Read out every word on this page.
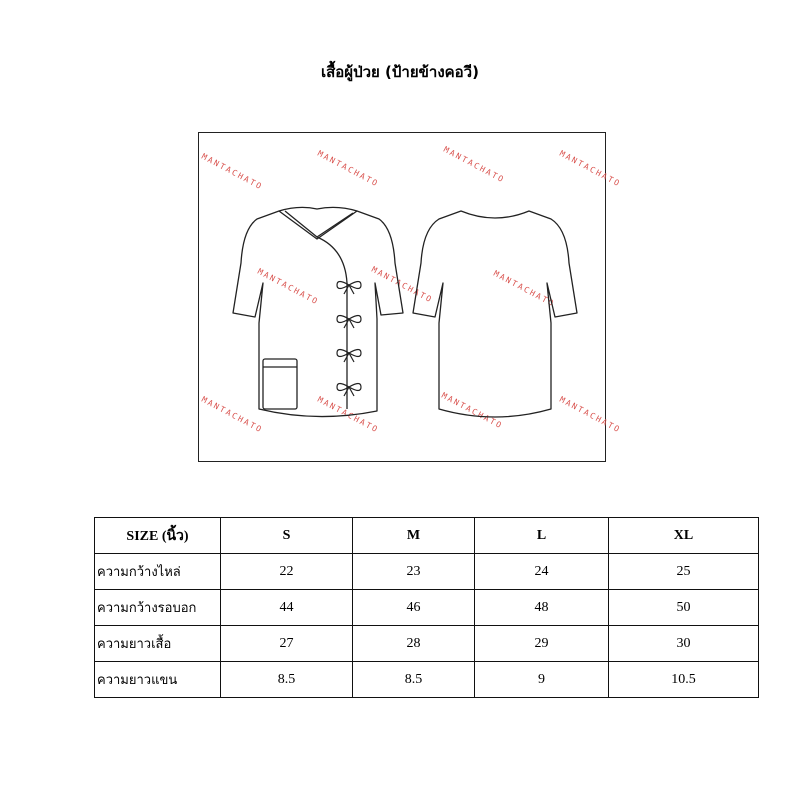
เสื้อผู้ป่วย (ป้ายข้างคอวี)
MANTACHATO	MANTACHATO	MANTACHATO	MANTACHATO
MANTACHATO	MANTACHATO	MANTACHATO
MANTACHATO	MANTACHATO	MANTACHATO	MANTACHATO
SIZE (นิ้ว)	S	M	L	XL
ความกว้างไหล่	22	23	24	25
ความกว้างรอบอก	44	46	48	50
ความยาวเสื้อ	27	28	29	30
ความยาวแขน	8.5	8.5	9	10.5
